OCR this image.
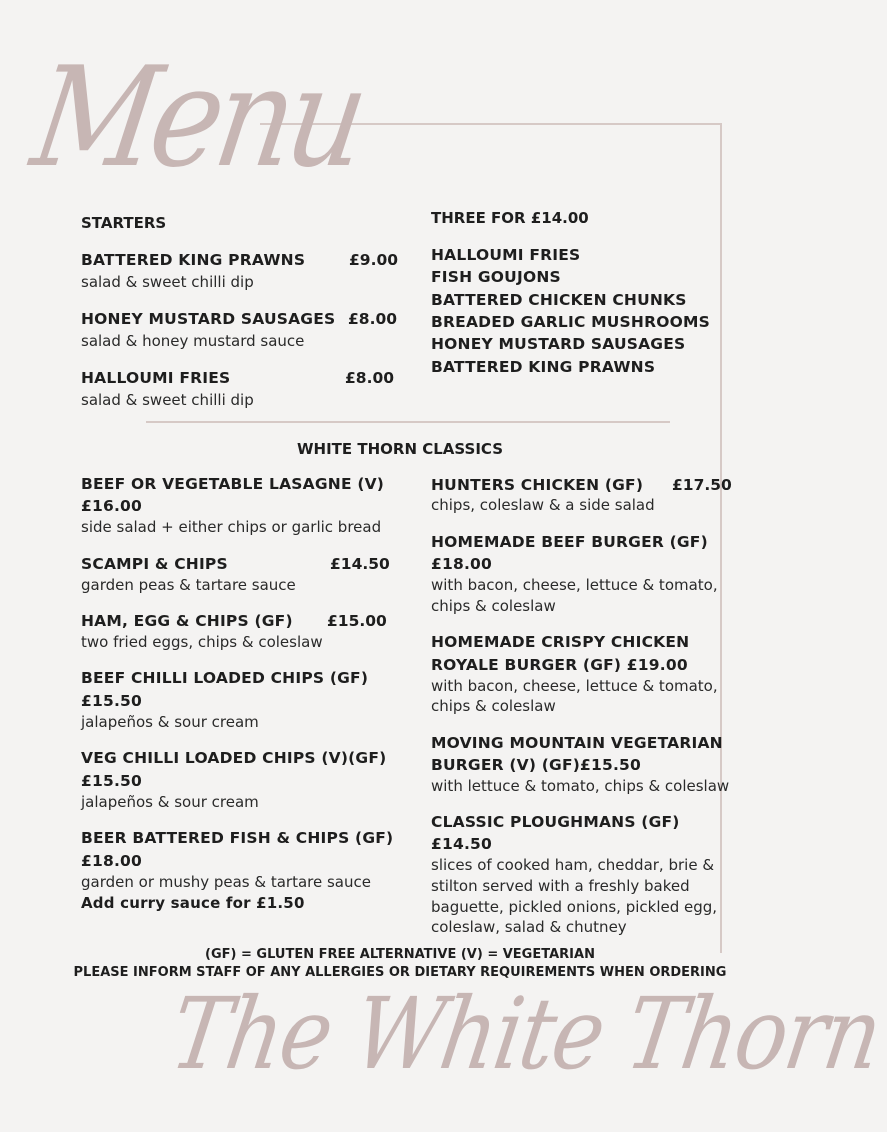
Menu
STARTERS
BATTERED KING PRAWNS	£9.00
salad & sweet chilli dip
HONEY MUSTARD SAUSAGES £8.00
salad & honey mustard sauce
HALLOUMI FRIES	£8.00
salad & sweet chilli dip
THREE FOR £14.00
HALLOUMI FRIES
FISH GOUJONS
BATTERED CHICKEN CHUNKS
BREADED GARLIC MUSHROOMS
HONEY MUSTARD SAUSAGES
BATTERED KING PRAWNS
WHITE THORN CLASSICS
BEEF OR VEGETABLE LASAGNE (V)
£16.00
side salad + either chips or garlic bread
SCAMPI & CHIPS	£14.50
garden peas & tartare sauce
HAM, EGG & CHIPS (GF) £15.00
two fried eggs, chips & coleslaw
BEEF CHILLI LOADED CHIPS (GF)
£15.50
jalapeños & sour cream
VEG CHILLI LOADED CHIPS (V)(GF)
£15.50
jalapeños & sour cream
BEER BATTERED FISH & CHIPS (GF)
£18.00
garden or mushy peas & tartare sauce
Add curry sauce for £1.50
HUNTERS CHICKEN (GF) £17.50
chips, coleslaw & a side salad
HOMEMADE BEEF BURGER (GF)
£18.00
with bacon, cheese, lettuce & tomato,
chips & coleslaw
HOMEMADE CRISPY CHICKEN
ROYALE BURGER (GF) £19.00
with bacon, cheese, lettuce & tomato,
chips & coleslaw
MOVING MOUNTAIN VEGETARIAN
BURGER (V) (GF)£15.50
with lettuce & tomato, chips & coleslaw
CLASSIC PLOUGHMANS (GF)
£14.50
slices of cooked ham, cheddar, brie &
stilton served with a freshly baked
baguette, pickled onions, pickled egg,
coleslaw, salad & chutney
(GF) = GLUTEN FREE ALTERNATIVE (V) = VEGETARIAN
PLEASE INFORM STAFF OF ANY ALLERGIES OR DIETARY REQUIREMENTS WHEN ORDERING
The White Thorn
